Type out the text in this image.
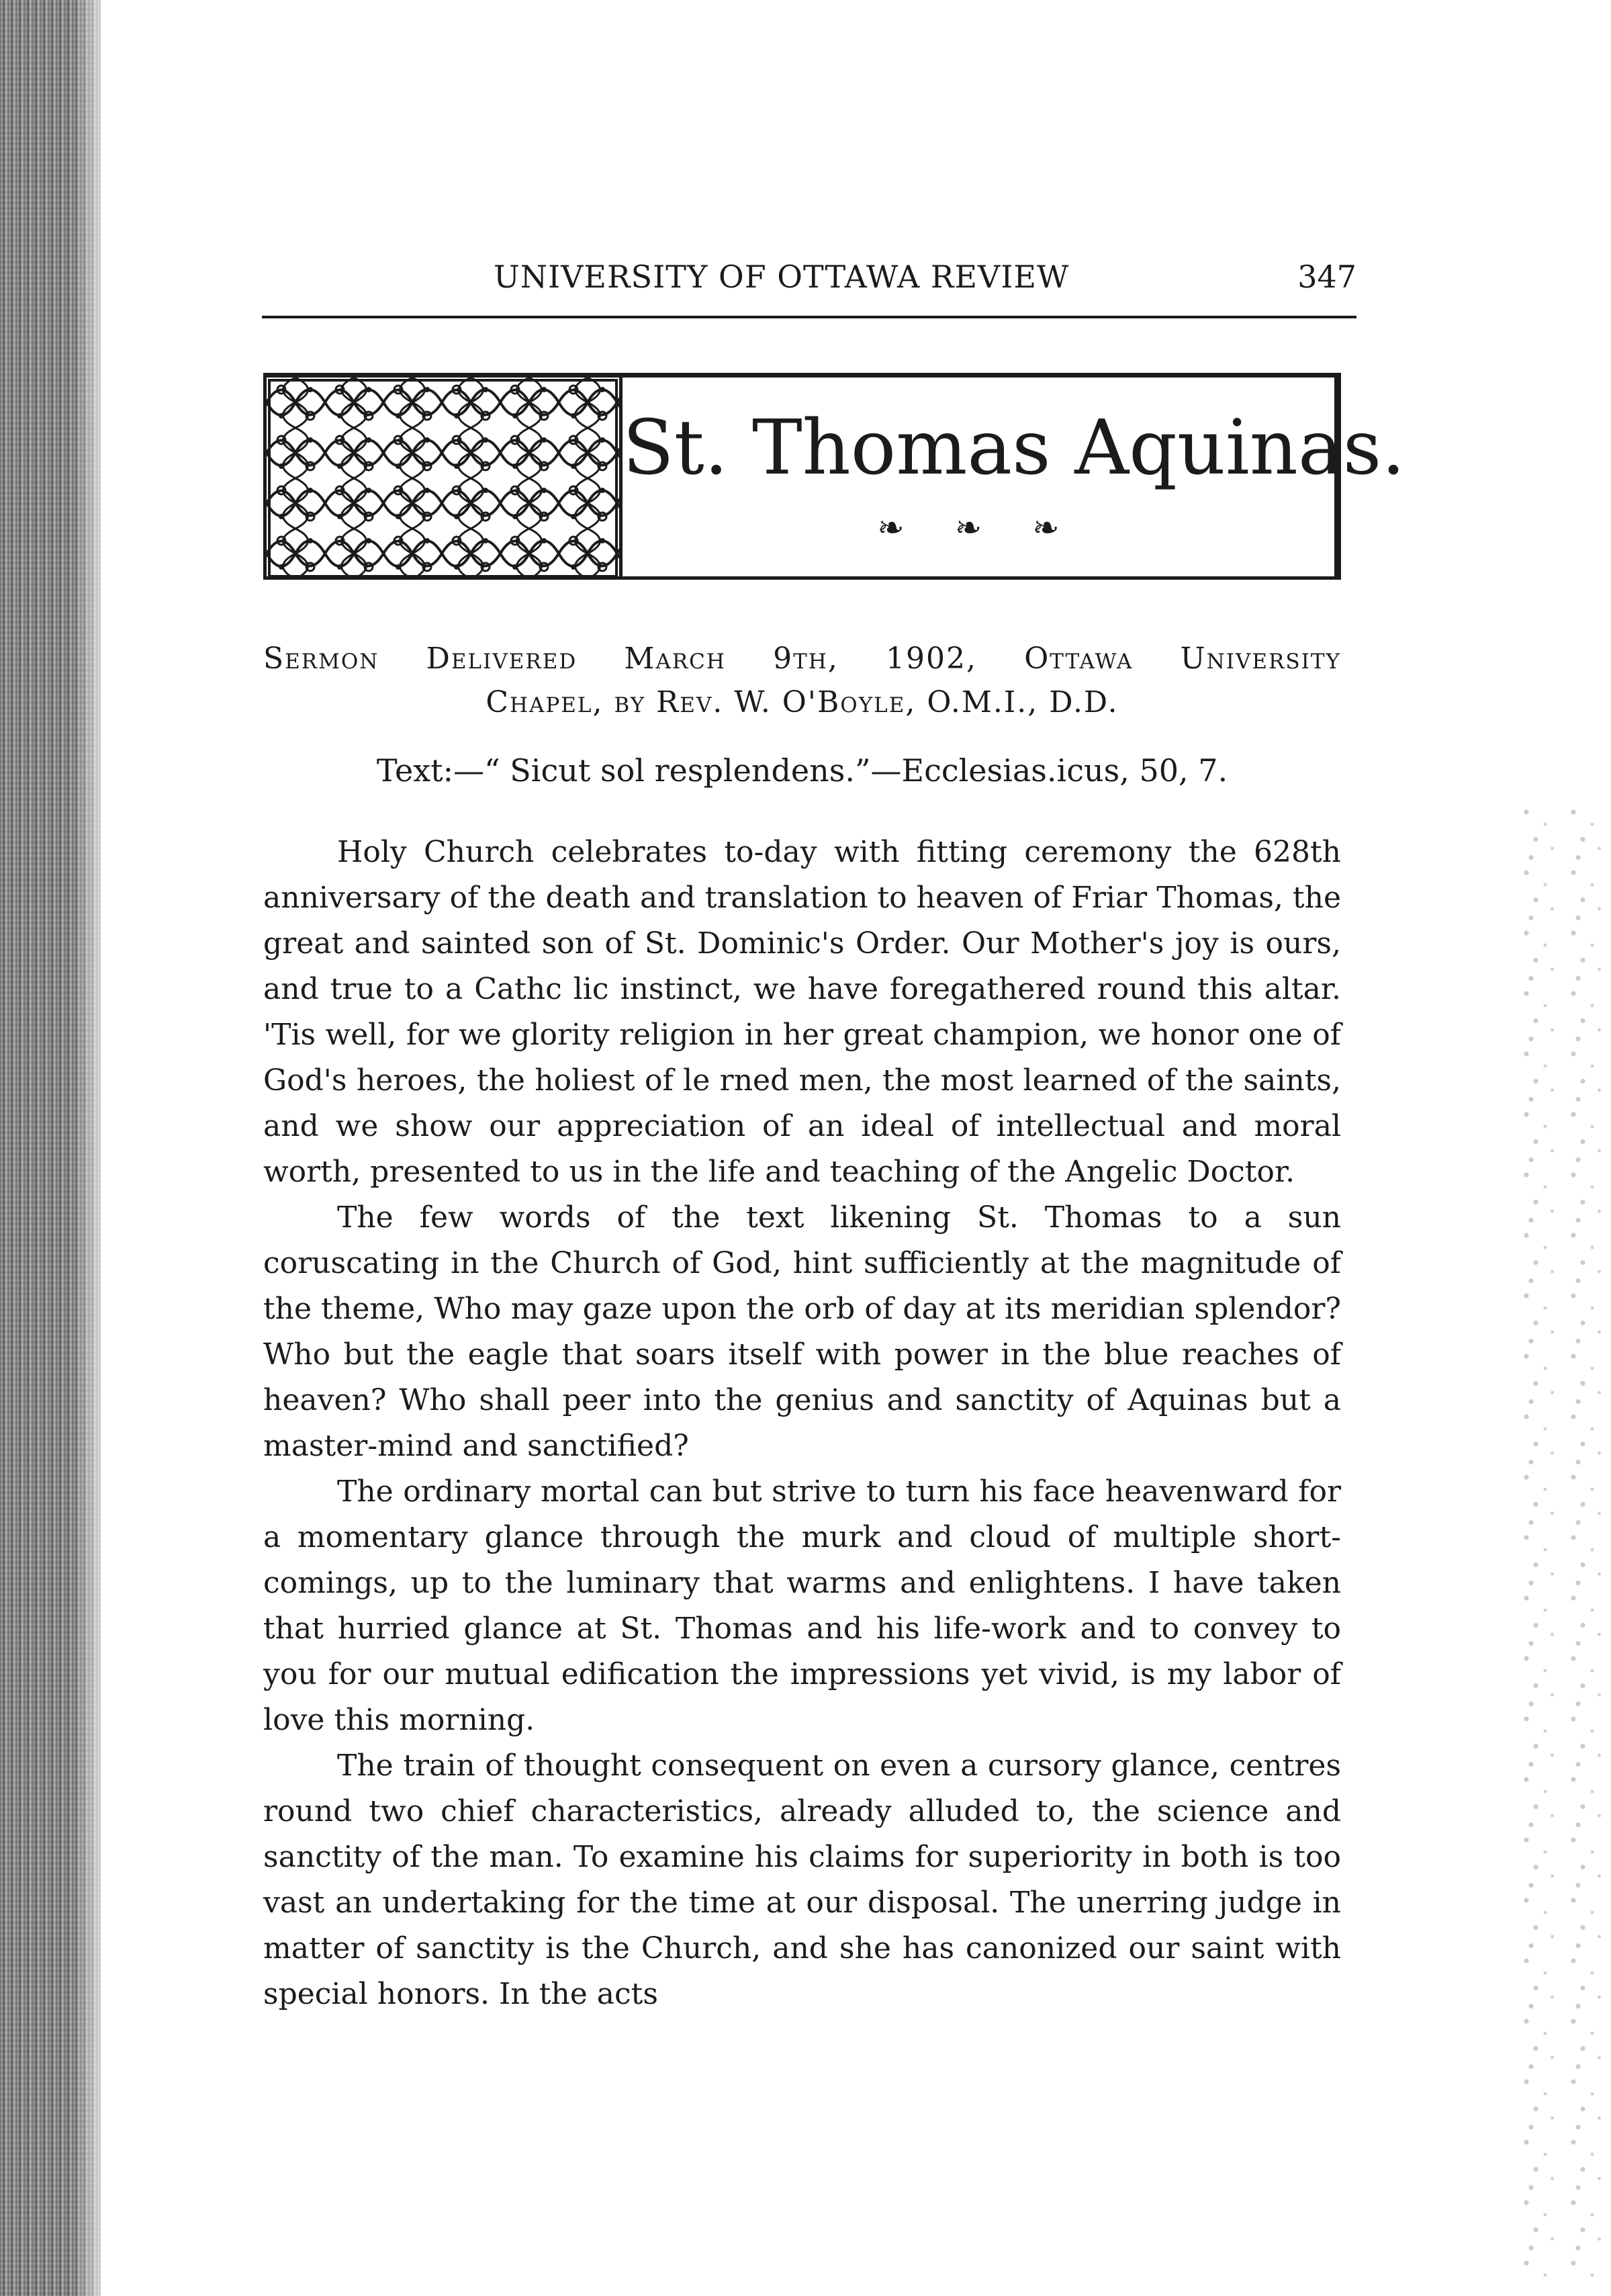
UNIVERSITY OF OTTAWA REVIEW	347
St. Thomas Aquinas.
❧ ❧ ❧
Sermon Delivered March 9th, 1902, Ottawa University
Chapel, by Rev. W. O'Boyle, O.M.I., D.D.
Text:—“ Sicut sol resplendens.”—Ecclesias.icus, 50, 7.

Holy Church celebrates to-day with fitting ceremony the 628th anniversary of the death and translation to heaven of Friar Thomas, the great and sainted son of St. Dominic's Order. Our Mother's joy is ours, and true to a Cathc lic instinct, we have foregathered round this altar. 'Tis well, for we glority religion in her great champion, we honor one of God's heroes, the holiest of le rned men, the most learned of the saints, and we show our appreciation of an ideal of intellectual and moral worth, presented to us in the life and teaching of the Angelic Doctor.

The few words of the text likening St. Thomas to a sun coruscating in the Church of God, hint sufficiently at the magnitude of the theme, Who may gaze upon the orb of day at its meridian splendor? Who but the eagle that soars itself with power in the blue reaches of heaven? Who shall peer into the genius and sanctity of Aquinas but a master-mind and sanctified?

The ordinary mortal can but strive to turn his face heavenward for a momentary glance through the murk and cloud of multiple short-comings, up to the luminary that warms and enlightens. I have taken that hurried glance at St. Thomas and his life-work and to convey to you for our mutual edification the impressions yet vivid, is my labor of love this morning.

The train of thought consequent on even a cursory glance, centres round two chief characteristics, already alluded to, the science and sanctity of the man. To examine his claims for superiority in both is too vast an undertaking for the time at our disposal. The unerring judge in matter of sanctity is the Church, and she has canonized our saint with special honors. In the acts
